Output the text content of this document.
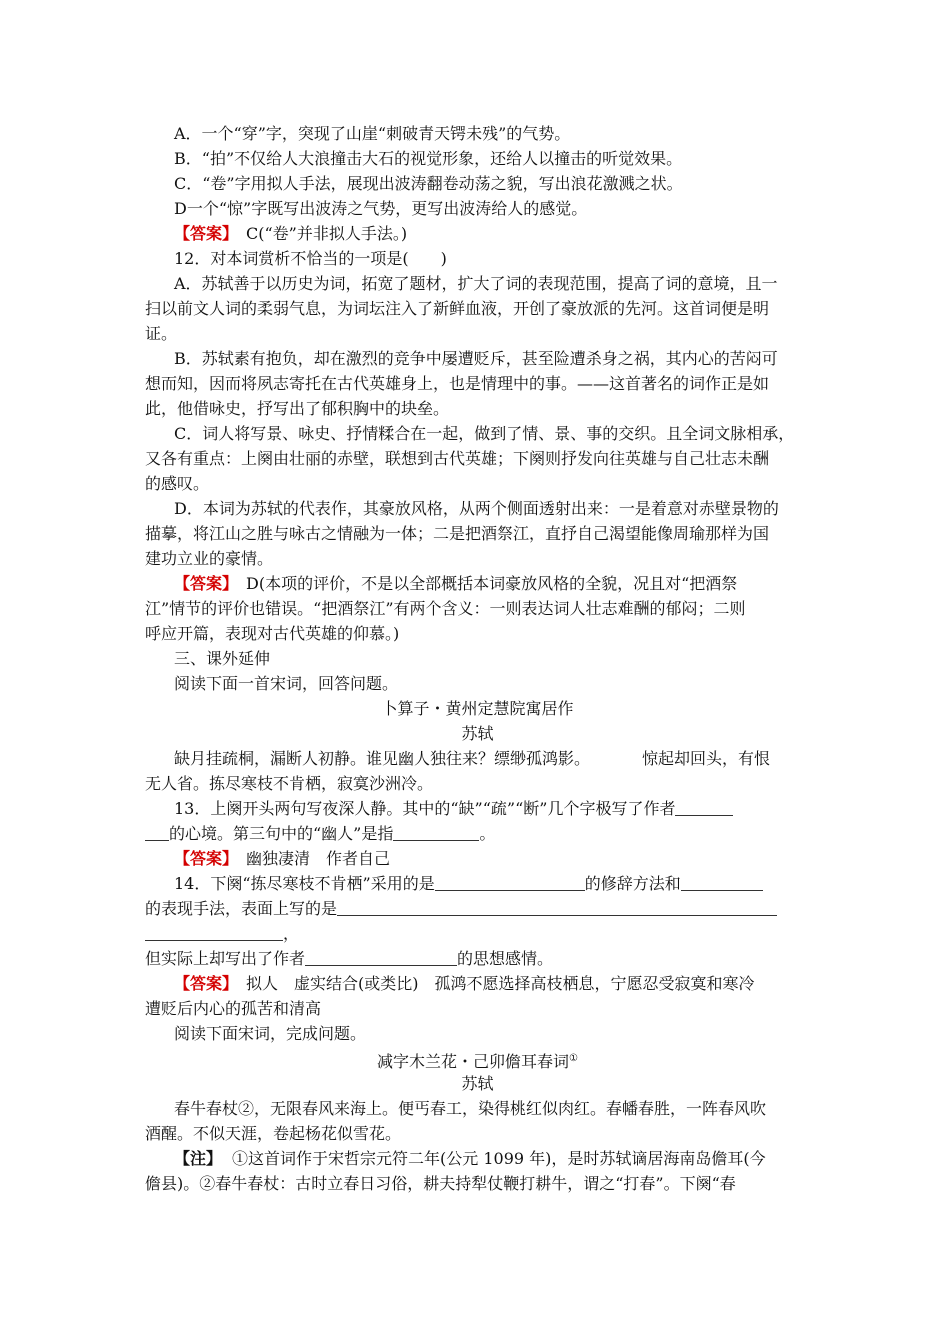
A．一个“穿”字，突现了山崖“刺破青天锷未残”的气势。
B．“拍”不仅给人大浪撞击大石的视觉形象，还给人以撞击的听觉效果。
C．“卷”字用拟人手法，展现出波涛翻卷动荡之貌，写出浪花激溅之状。
D一个“惊”字既写出波涛之气势，更写出波涛给人的感觉。
【答案】 C(“卷”并非拟人手法。)
12．对本词赏析不恰当的一项是(　　)
A．苏轼善于以历史为词，拓宽了题材，扩大了词的表现范围，提高了词的意境，且一
扫以前文人词的柔弱气息，为词坛注入了新鲜血液，开创了豪放派的先河。这首词便是明
证。
B．苏轼素有抱负，却在激烈的竞争中屡遭贬斥，甚至险遭杀身之祸，其内心的苦闷可
想而知，因而将夙志寄托在古代英雄身上，也是情理中的事。——这首著名的词作正是如
此，他借咏史，抒写出了郁积胸中的块垒。
C．词人将写景、咏史、抒情糅合在一起，做到了情、景、事的交织。且全词文脉相承，
又各有重点：上阕由壮丽的赤壁，联想到古代英雄；下阕则抒发向往英雄与自己壮志未酬
的感叹。
D．本词为苏轼的代表作，其豪放风格，从两个侧面透射出来：一是着意对赤壁景物的
描摹，将江山之胜与咏古之情融为一体；二是把酒祭江，直抒自己渴望能像周瑜那样为国
建功立业的豪情。
【答案】 D(本项的评价，不是以全部概括本词豪放风格的全貌，况且对“把酒祭
江”情节的评价也错误。“把酒祭江”有两个含义：一则表达词人壮志难酬的郁闷；二则
呼应开篇，表现对古代英雄的仰慕。)
三、课外延伸
阅读下面一首宋词，回答问题。
卜算子・黄州定慧院寓居作
苏轼
缺月挂疏桐，漏断人初静。谁见幽人独往来？缥缈孤鸿影。	惊起却回头，有恨
无人省。拣尽寒枝不肯栖，寂寞沙洲冷。
13．上阕开头两句写夜深人静。其中的“缺”“疏”“断”几个字极写了作者
的心境。第三句中的“幽人”是指	。
【答案】 幽独凄清　作者自己
14．下阕“拣尽寒枝不肯栖”采用的是	的修辞方法和
的表现手法，表面上写的是
，
但实际上却写出了作者	的思想感情。
【答案】 拟人　虚实结合(或类比)　孤鸿不愿选择高枝栖息，宁愿忍受寂寞和寒冷
遭贬后内心的孤苦和清高
阅读下面宋词，完成问题。
减字木兰花・己卯儋耳春词①
苏轼
春牛春杖②，无限春风来海上。便丐春工，染得桃红似肉红。春幡春胜，一阵春风吹
酒醒。不似天涯，卷起杨花似雪花。
【注】 ①这首词作于宋哲宗元符二年(公元 1099 年)，是时苏轼谪居海南岛儋耳(今
儋县)。②春牛春杖：古时立春日习俗，耕夫持犁仗鞭打耕牛，谓之“打春”。下阕“春
